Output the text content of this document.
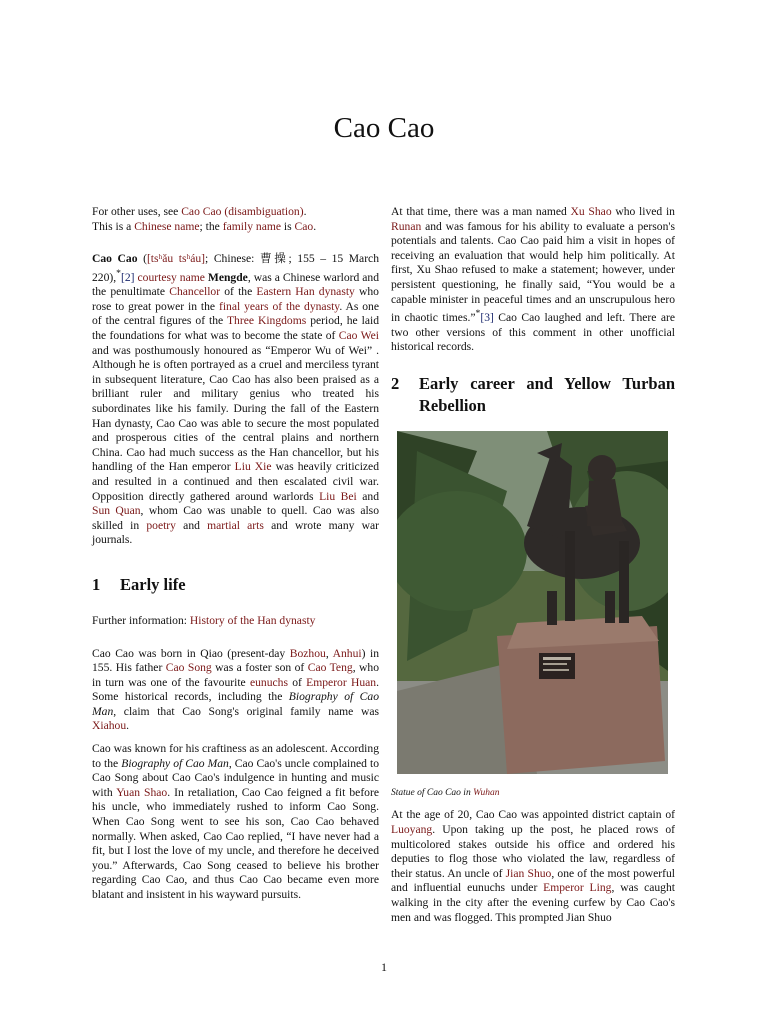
Cao Cao

For other uses, see Cao Cao (disambiguation).

This is a Chinese name; the family name is Cao.

Cao Cao ([tsʰǎu tsʰáu]; Chinese: 曹操; 155 – 15 March 220),*[2] courtesy name Mengde, was a Chinese warlord and the penultimate Chancellor of the Eastern Han dynasty who rose to great power in the final years of the dynasty. As one of the central figures of the Three Kingdoms period, he laid the foundations for what was to become the state of Cao Wei and was posthumously honoured as “Emperor Wu of Wei” . Although he is often portrayed as a cruel and merciless tyrant in subsequent literature, Cao Cao has also been praised as a brilliant ruler and military genius who treated his subordinates like his family. During the fall of the Eastern Han dynasty, Cao Cao was able to secure the most populated and prosperous cities of the central plains and northern China. Cao had much success as the Han chancellor, but his handling of the Han emperor Liu Xie was heavily criticized and resulted in a continued and then escalated civil war. Opposition directly gathered around warlords Liu Bei and Sun Quan, whom Cao was unable to quell. Cao was also skilled in poetry and martial arts and wrote many war journals.

1	Early life

Further information: History of the Han dynasty

Cao Cao was born in Qiao (present-day Bozhou, Anhui) in 155. His father Cao Song was a foster son of Cao Teng, who in turn was one of the favourite eunuchs of Emperor Huan. Some historical records, including the Biography of Cao Man, claim that Cao Song's original family name was Xiahou.

Cao was known for his craftiness as an adolescent. According to the Biography of Cao Man, Cao Cao's uncle complained to Cao Song about Cao Cao's indulgence in hunting and music with Yuan Shao. In retaliation, Cao Cao feigned a fit before his uncle, who immediately rushed to inform Cao Song. When Cao Song went to see his son, Cao Cao behaved normally. When asked, Cao Cao replied, “I have never had a fit, but I lost the love of my uncle, and therefore he deceived you.” Afterwards, Cao Song ceased to believe his brother regarding Cao Cao, and thus Cao Cao became even more blatant and insistent in his wayward pursuits.

At that time, there was a man named Xu Shao who lived in Runan and was famous for his ability to evaluate a person's potentials and talents. Cao Cao paid him a visit in hopes of receiving an evaluation that would help him politically. At first, Xu Shao refused to make a statement; however, under persistent questioning, he finally said, “You would be a capable minister in peaceful times and an unscrupulous hero in chaotic times.”*[3] Cao Cao laughed and left. There are two other versions of this comment in other unofficial historical records.

2	Early career and Yellow Turban Rebellion

Statue of Cao Cao in Wuhan

At the age of 20, Cao Cao was appointed district captain of Luoyang. Upon taking up the post, he placed rows of multicolored stakes outside his office and ordered his deputies to flog those who violated the law, regardless of their status. An uncle of Jian Shuo, one of the most powerful and influential eunuchs under Emperor Ling, was caught walking in the city after the evening curfew by Cao Cao's men and was flogged. This prompted Jian Shuo

1
